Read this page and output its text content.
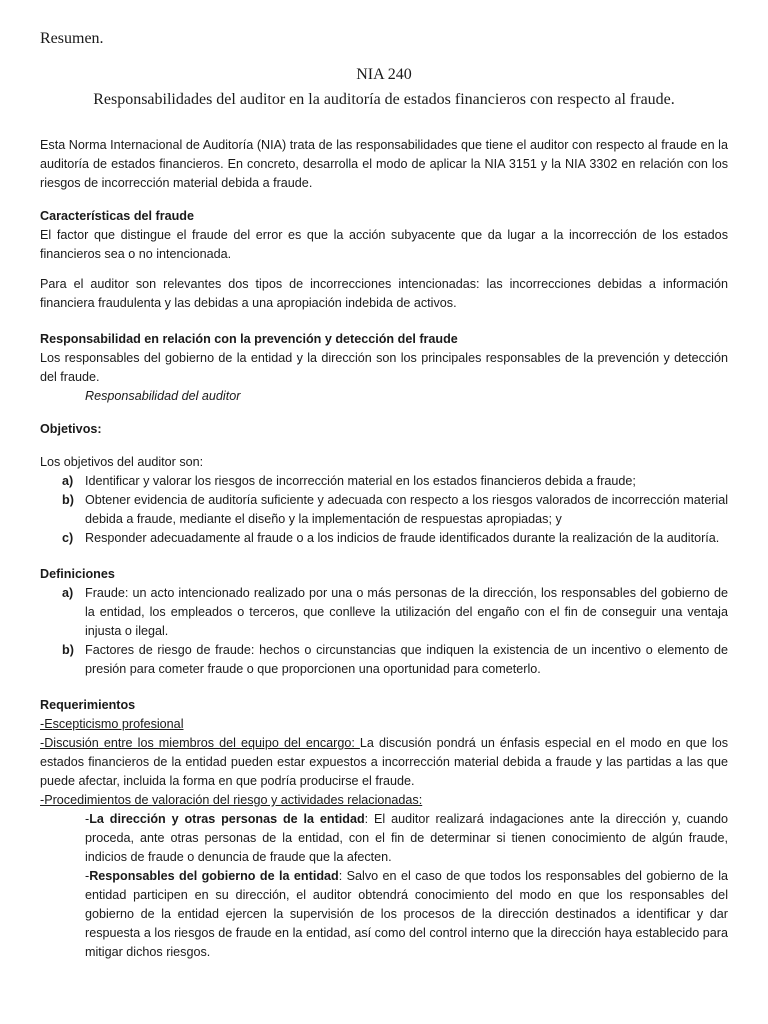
Resumen.
NIA 240
Responsabilidades del auditor en la auditoría de estados financieros con respecto al fraude.

Esta Norma Internacional de Auditoría (NIA) trata de las responsabilidades que tiene el auditor con respecto al fraude en la auditoría de estados financieros. En concreto, desarrolla el modo de aplicar la NIA 3151 y la NIA 3302 en relación con los riesgos de incorrección material debida a fraude.

Características del fraude

El factor que distingue el fraude del error es que la acción subyacente que da lugar a la incorrección de los estados financieros sea o no intencionada.

Para el auditor son relevantes dos tipos de incorrecciones intencionadas: las incorrecciones debidas a información financiera fraudulenta y las debidas a una apropiación indebida de activos.

Responsabilidad en relación con la prevención y detección del fraude

Los responsables del gobierno de la entidad y la dirección son los principales responsables de la prevención y detección del fraude.

Responsabilidad del auditor

Objetivos:

Los objetivos del auditor son:

a) Identificar y valorar los riesgos de incorrección material en los estados financieros debida a fraude;
b) Obtener evidencia de auditoría suficiente y adecuada con respecto a los riesgos valorados de incorrección material debida a fraude, mediante el diseño y la implementación de respuestas apropiadas; y
c) Responder adecuadamente al fraude o a los indicios de fraude identificados durante la realización de la auditoría.

Definiciones

a) Fraude: un acto intencionado realizado por una o más personas de la dirección, los responsables del gobierno de la entidad, los empleados o terceros, que conlleve la utilización del engaño con el fin de conseguir una ventaja injusta o ilegal.
b) Factores de riesgo de fraude: hechos o circunstancias que indiquen la existencia de un incentivo o elemento de presión para cometer fraude o que proporcionen una oportunidad para cometerlo.

Requerimientos

-Escepticismo profesional

-Discusión entre los miembros del equipo del encargo: La discusión pondrá un énfasis especial en el modo en que los estados financieros de la entidad pueden estar expuestos a incorrección material debida a fraude y las partidas a las que puede afectar, incluida la forma en que podría producirse el fraude.

-Procedimientos de valoración del riesgo y actividades relacionadas:

-La dirección y otras personas de la entidad: El auditor realizará indagaciones ante la dirección y, cuando proceda, ante otras personas de la entidad, con el fin de determinar si tienen conocimiento de algún fraude, indicios de fraude o denuncia de fraude que la afecten.

-Responsables del gobierno de la entidad: Salvo en el caso de que todos los responsables del gobierno de la entidad participen en su dirección, el auditor obtendrá conocimiento del modo en que los responsables del gobierno de la entidad ejercen la supervisión de los procesos de la dirección destinados a identificar y dar respuesta a los riesgos de fraude en la entidad, así como del control interno que la dirección haya establecido para mitigar dichos riesgos.
